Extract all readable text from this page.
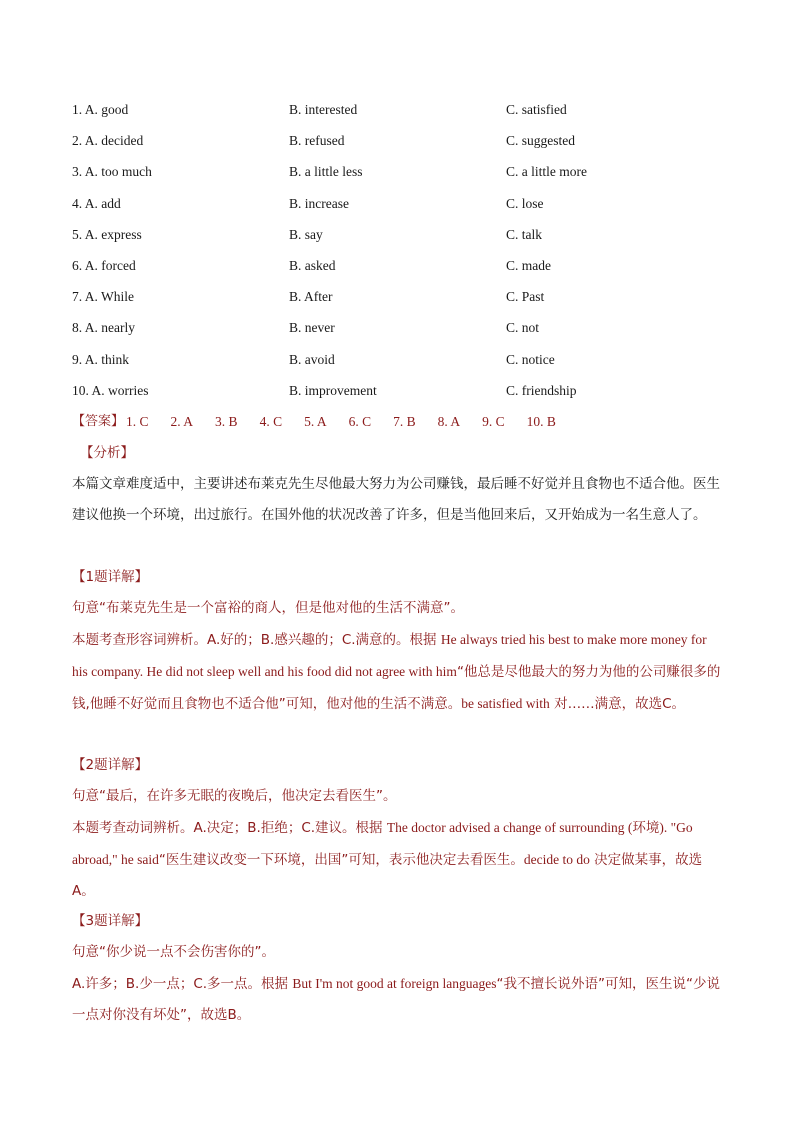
1. A. good	B. interested	C. satisfied
2. A. decided	B. refused	C. suggested
3. A. too much	B. a little less	C. a little more
4. A. add	B. increase	C. lose
5. A. express	B. say	C. talk
6. A. forced	B. asked	C. made
7. A. While	B. After	C. Past
8. A. nearly	B. never	C. not
9. A. think	B. avoid	C. notice
10. A. worries	B. improvement	C. friendship
【答案】 1. C 2. A 3. B 4. C 5. A 6. C 7. B 8. A 9. C 10. B

【分析】

本篇文章难度适中，主要讲述布莱克先生尽他最大努力为公司赚钱，最后睡不好觉并且食物也不适合他。医生建议他换一个环境，出过旅行。在国外他的状况改善了许多，但是当他回来后，又开始成为一名生意人了。

【1题详解】

句意“布莱克先生是一个富裕的商人，但是他对他的生活不满意”。

本题考查形容词辨析。A.好的；B.感兴趣的；C.满意的。根据 He always tried his best to make more money for his company. He did not sleep well and his food did not agree with him“他总是尽他最大的努力为他的公司赚很多的钱,他睡不好觉而且食物也不适合他”可知，他对他的生活不满意。be satisfied with 对……满意，故选C。

【2题详解】

句意“最后，在许多无眠的夜晚后，他决定去看医生”。

本题考查动词辨析。A.决定；B.拒绝；C.建议。根据 The doctor advised a change of surrounding (环境). "Go abroad," he said“医生建议改变一下环境，出国”可知，表示他决定去看医生。decide to do 决定做某事，故选A。

【3题详解】

句意“你少说一点不会伤害你的”。

A.许多；B.少一点；C.多一点。根据 But I'm not good at foreign languages“我不擅长说外语”可知，医生说“少说一点对你没有坏处”，故选B。
